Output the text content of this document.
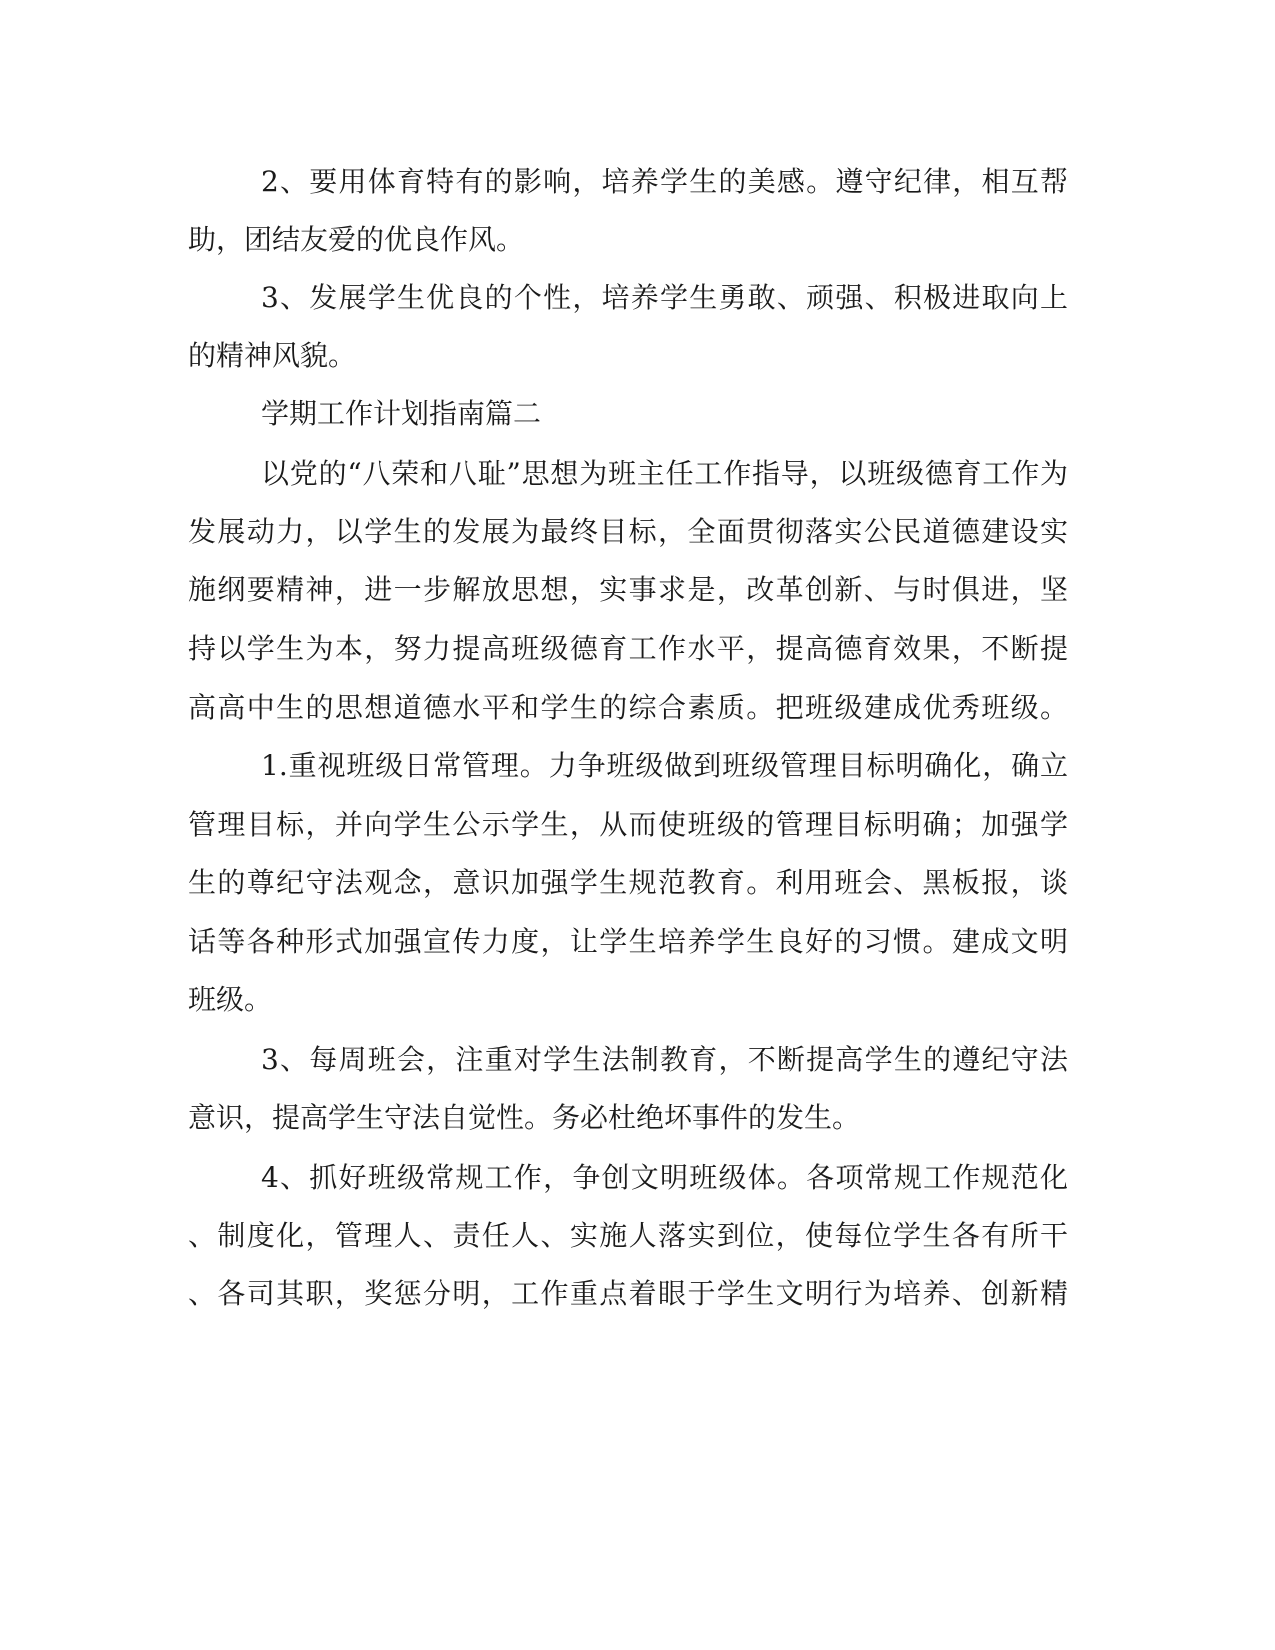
2、要用体育特有的影响，培养学生的美感。遵守纪律，相互帮

助，团结友爱的优良作风。

3、发展学生优良的个性，培养学生勇敢、顽强、积极进取向上

的精神风貌。

学期工作计划指南篇二

以党的“八荣和八耻”思想为班主任工作指导，以班级德育工作为

发展动力，以学生的发展为最终目标，全面贯彻落实公民道德建设实

施纲要精神，进一步解放思想，实事求是，改革创新、与时俱进，坚

持以学生为本，努力提高班级德育工作水平，提高德育效果，不断提

高高中生的思想道德水平和学生的综合素质。把班级建成优秀班级。

1.重视班级日常管理。力争班级做到班级管理目标明确化，确立

管理目标，并向学生公示学生，从而使班级的管理目标明确；加强学

生的尊纪守法观念，意识加强学生规范教育。利用班会、黑板报，谈

话等各种形式加强宣传力度，让学生培养学生良好的习惯。建成文明

班级。

3、每周班会，注重对学生法制教育，不断提高学生的遵纪守法

意识，提高学生守法自觉性。务必杜绝坏事件的发生。

4、抓好班级常规工作，争创文明班级体。各项常规工作规范化

、制度化，管理人、责任人、实施人落实到位，使每位学生各有所干

、各司其职，奖惩分明，工作重点着眼于学生文明行为培养、创新精
